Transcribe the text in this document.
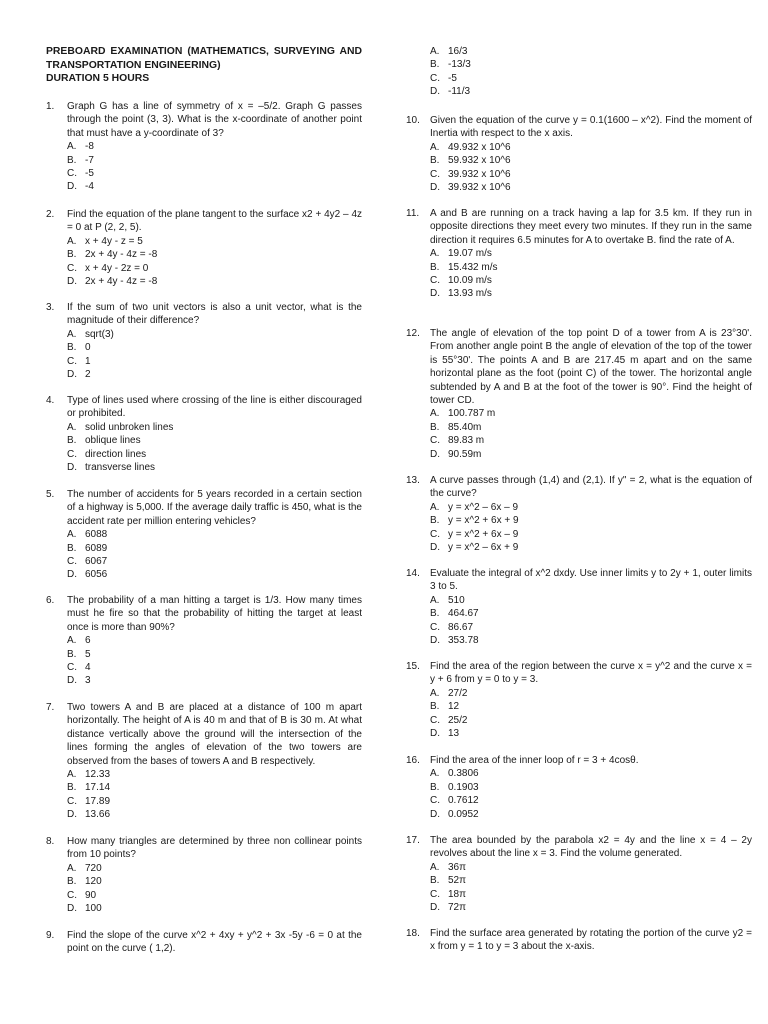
PREBOARD EXAMINATION (MATHEMATICS, SURVEYING AND
TRANSPORTATION ENGINEERING)
DURATION 5 HOURS
1.	Graph G has a line of symmetry of x = –5/2. Graph G passes through the point (3, 3). What is the x-coordinate of another point that must have a y-coordinate of 3?
A. -8
B. -7
C. -5
D. -4
2.	Find the equation of the plane tangent to the surface x2 + 4y2 – 4z = 0 at P (2, 2, 5).
A. x + 4y - z = 5
B. 2x + 4y - 4z = -8
C. x + 4y - 2z = 0
D. 2x + 4y - 4z = -8
3.	If the sum of two unit vectors is also a unit vector, what is the magnitude of their difference?
A. sqrt(3)
B. 0
C. 1
D. 2
4.	Type of lines used where crossing of the line is either discouraged or prohibited.
A. solid unbroken lines
B. oblique lines
C. direction lines
D. transverse lines
5.	The number of accidents for 5 years recorded in a certain section of a highway is 5,000. If the average daily traffic is 450, what is the accident rate per million entering vehicles?
A. 6088
B. 6089
C. 6067
D. 6056
6.	The probability of a man hitting a target is 1/3. How many times must he fire so that the probability of hitting the target at least once is more than 90%?
A. 6
B. 5
C. 4
D. 3
7.	Two towers A and B are placed at a distance of 100 m apart horizontally. The height of A is 40 m and that of B is 30 m. At what distance vertically above the ground will the intersection of the lines forming the angles of elevation of the two towers are observed from the bases of towers A and B respectively.
A. 12.33
B. 17.14
C. 17.89
D. 13.66
8.	How many triangles are determined by three non collinear points from 10 points?
A. 720
B. 120
C. 90
D. 100
9.	Find the slope of the curve x^2 + 4xy + y^2 + 3x -5y -6 = 0 at the point on the curve ( 1,2).
A. 16/3
B. -13/3
C. -5
D. -11/3
10.	Given the equation of the curve y = 0.1(1600 – x^2). Find the moment of Inertia with respect to the x axis.
A. 49.932 x 10^6
B. 59.932 x 10^6
C. 39.932 x 10^6
D. 39.932 x 10^6
11.	A and B are running on a track having a lap for 3.5 km. If they run in opposite directions they meet every two minutes. If they run in the same direction it requires 6.5 minutes for A to overtake B. find the rate of A.
A. 19.07 m/s
B. 15.432 m/s
C. 10.09 m/s
D. 13.93 m/s
12.	The angle of elevation of the top point D of a tower from A is 23°30'. From another angle point B the angle of elevation of the top of the tower is 55°30'. The points A and B are 217.45 m apart and on the same horizontal plane as the foot (point C) of the tower. The horizontal angle subtended by A and B at the foot of the tower is 90°. Find the height of tower CD.
A. 100.787 m
B. 85.40m
C. 89.83 m
D. 90.59m
13.	A curve passes through (1,4) and (2,1). If y" = 2, what is the equation of the curve?
A. y = x^2 – 6x – 9
B. y = x^2 + 6x + 9
C. y = x^2 + 6x – 9
D. y = x^2 – 6x + 9
14.	Evaluate the integral of x^2 dxdy. Use inner limits y to 2y + 1, outer limits 3 to 5.
A. 510
B. 464.67
C. 86.67
D. 353.78
15.	Find the area of the region between the curve x = y^2 and the curve x = y + 6 from y = 0 to y = 3.
A. 27/2
B. 12
C. 25/2
D. 13
16.	Find the area of the inner loop of r = 3 + 4cosθ.
A. 0.3806
B. 0.1903
C. 0.7612
D. 0.0952
17.	The area bounded by the parabola x2 = 4y and the line x = 4 – 2y revolves about the line x = 3. Find the volume generated.
A. 36π
B. 52π
C. 18π
D. 72π
18.	Find the surface area generated by rotating the portion of the curve y2 = x from y = 1 to y = 3 about the x-axis.
